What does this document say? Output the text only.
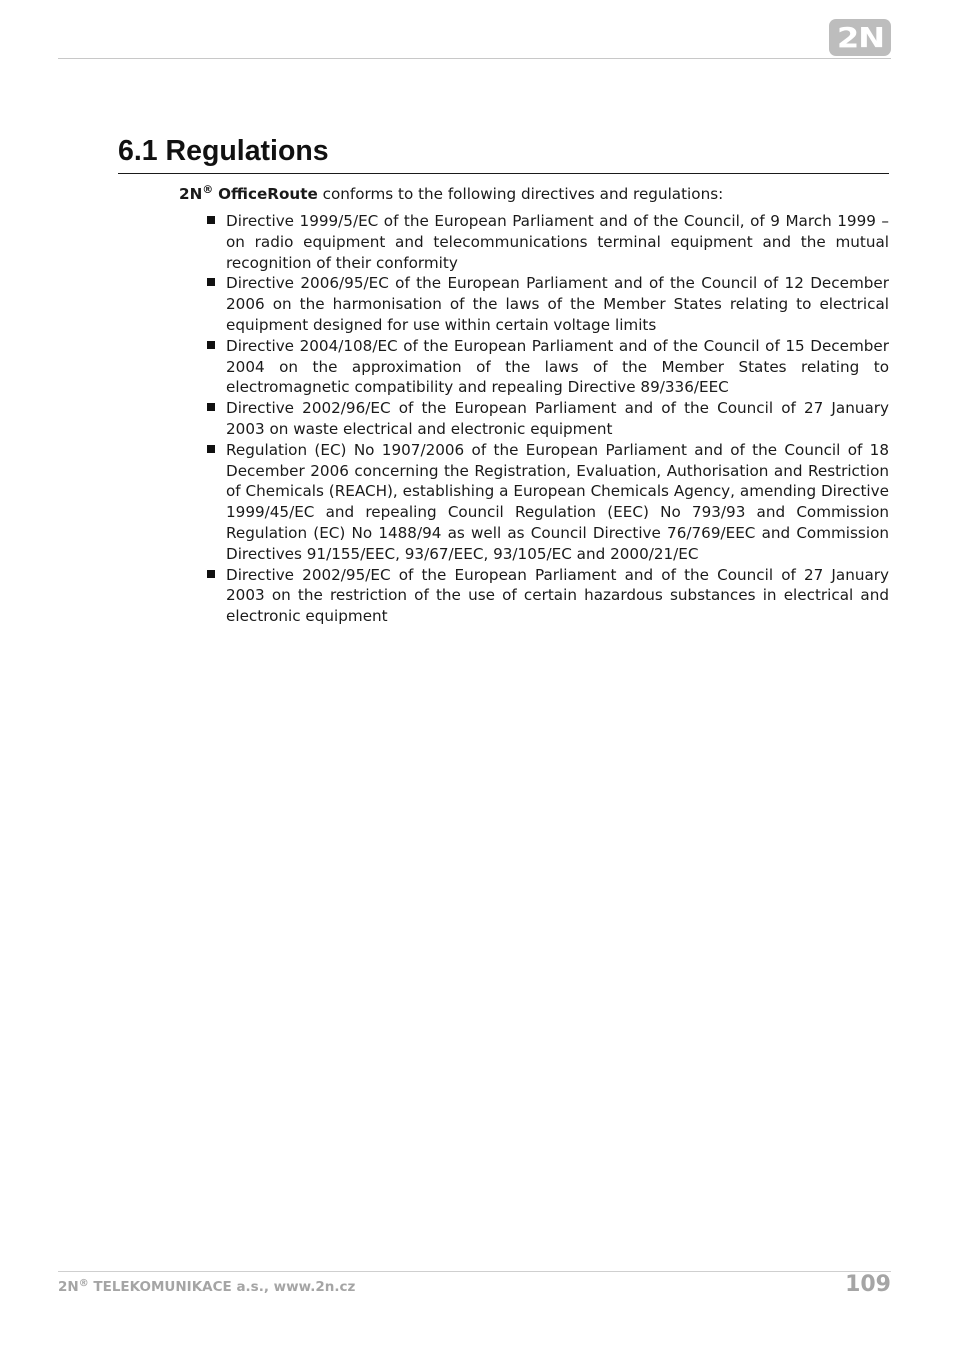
2N
6.1 Regulations
2N® OfficeRoute conforms to the following directives and regulations:
Directive 1999/5/EC of the European Parliament and of the Council, of 9 March 1999 – on radio equipment and telecommunications terminal equipment and the mutual recognition of their conformity
Directive 2006/95/EC of the European Parliament and of the Council of 12 December 2006 on the harmonisation of the laws of the Member States relating to electrical equipment designed for use within certain voltage limits
Directive 2004/108/EC of the European Parliament and of the Council of 15 December 2004 on the approximation of the laws of the Member States relating to electromagnetic compatibility and repealing Directive 89/336/EEC
Directive 2002/96/EC of the European Parliament and of the Council of 27 January 2003 on waste electrical and electronic equipment
Regulation (EC) No 1907/2006 of the European Parliament and of the Council of 18 December 2006 concerning the Registration, Evaluation, Authorisation and Restriction of Chemicals (REACH), establishing a European Chemicals Agency, amending Directive 1999/45/EC and repealing Council Regulation (EEC) No 793/93 and Commission Regulation (EC) No 1488/94 as well as Council Directive 76/769/EEC and Commission Directives 91/155/EEC, 93/67/EEC, 93/105/EC and 2000/21/EC
Directive 2002/95/EC of the European Parliament and of the Council of 27 January 2003 on the restriction of the use of certain hazardous substances in electrical and electronic equipment
2N® TELEKOMUNIKACE a.s., www.2n.cz	109
